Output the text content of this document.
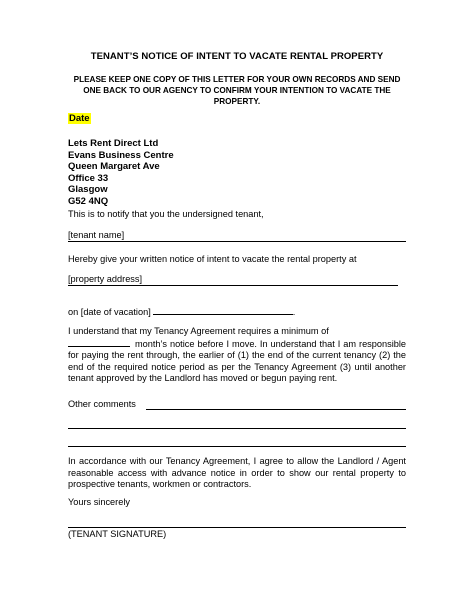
TENANT’S NOTICE OF INTENT TO VACATE RENTAL PROPERTY
PLEASE KEEP ONE COPY OF THIS LETTER FOR YOUR OWN RECORDS AND SEND ONE BACK TO OUR AGENCY TO CONFIRM YOUR INTENTION TO VACATE THE PROPERTY.
Date
Lets Rent Direct Ltd
Evans Business Centre
Queen Margaret Ave
Office 33
Glasgow
G52 4NQ
This is to notify that you the undersigned tenant,
[tenant name]
Hereby give your written notice of intent to vacate the rental property at
[property address]
on [date of vacation]	.
I understand that my Tenancy Agreement requires a minimum of
month’s notice before I move. In understand that I am responsible for paying the rent through, the earlier of (1) the end of the current tenancy (2) the end of the required notice period as per the Tenancy Agreement (3) until another tenant approved by the Landlord has moved or begun paying rent.
Other comments
In accordance with our Tenancy Agreement, I agree to allow the Landlord / Agent reasonable access with advance notice in order to show our rental property to prospective tenants, workmen or contractors.
Yours sincerely
(TENANT SIGNATURE)
